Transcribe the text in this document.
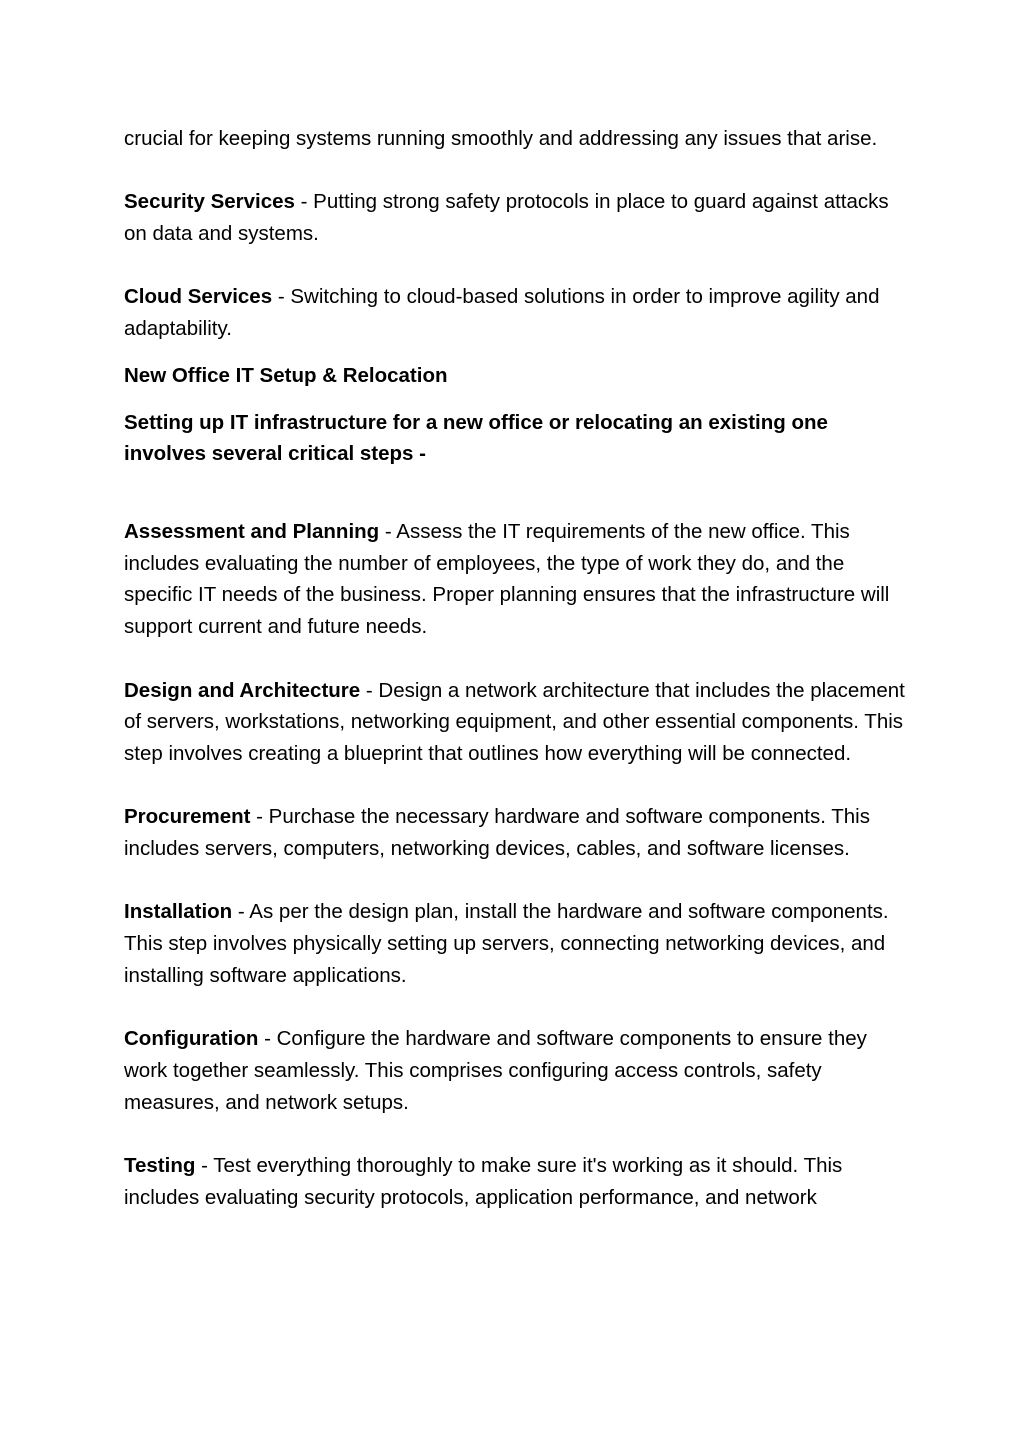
crucial for keeping systems running smoothly and addressing any issues that arise.

Security Services - Putting strong safety protocols in place to guard against attacks on data and systems.

Cloud Services - Switching to cloud-based solutions in order to improve agility and adaptability.

New Office IT Setup & Relocation

Setting up IT infrastructure for a new office or relocating an existing one involves several critical steps -

Assessment and Planning - Assess the IT requirements of the new office. This includes evaluating the number of employees, the type of work they do, and the specific IT needs of the business. Proper planning ensures that the infrastructure will support current and future needs.

Design and Architecture - Design a network architecture that includes the placement of servers, workstations, networking equipment, and other essential components. This step involves creating a blueprint that outlines how everything will be connected.

Procurement - Purchase the necessary hardware and software components. This includes servers, computers, networking devices, cables, and software licenses.

Installation - As per the design plan, install the hardware and software components. This step involves physically setting up servers, connecting networking devices, and installing software applications.

Configuration - Configure the hardware and software components to ensure they work together seamlessly. This comprises configuring access controls, safety measures, and network setups.

Testing - Test everything thoroughly to make sure it's working as it should. This includes evaluating security protocols, application performance, and network
